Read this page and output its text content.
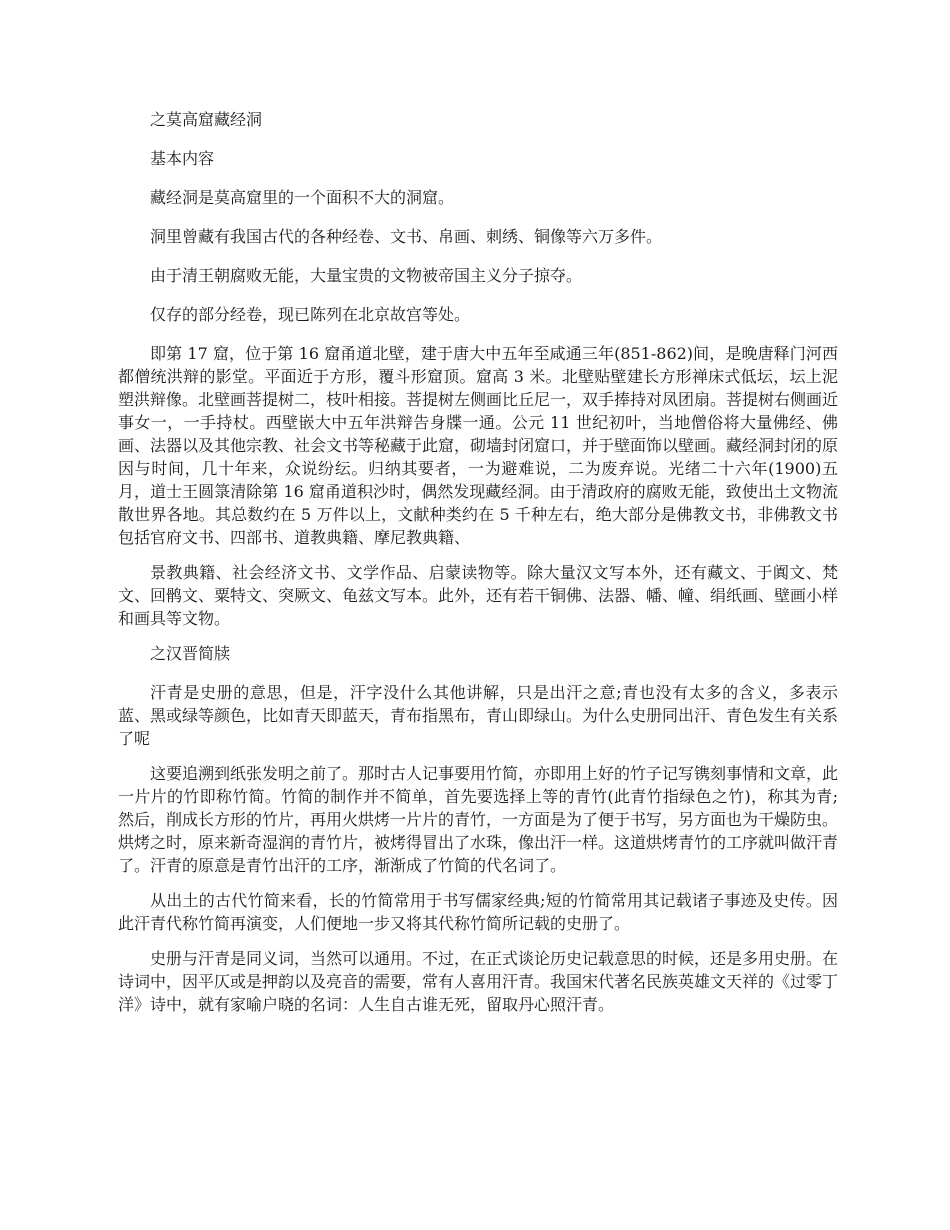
之莫高窟藏经洞

基本内容

藏经洞是莫高窟里的一个面积不大的洞窟。

洞里曾藏有我国古代的各种经卷、文书、帛画、刺绣、铜像等六万多件。

由于清王朝腐败无能，大量宝贵的文物被帝国主义分子掠夺。

仅存的部分经卷，现已陈列在北京故宫等处。

即第 17 窟，位于第 16 窟甬道北壁，建于唐大中五年至咸通三年(851-862)间，是晚唐释门河西都僧统洪辩的影堂。平面近于方形，覆斗形窟顶。窟高 3 米。北壁贴壁建长方形禅床式低坛，坛上泥塑洪辩像。北壁画菩提树二，枝叶相接。菩提树左侧画比丘尼一，双手捧持对凤团扇。菩提树右侧画近事女一，一手持杖。西壁嵌大中五年洪辩告身牒一通。公元 11 世纪初叶，当地僧俗将大量佛经、佛画、法器以及其他宗教、社会文书等秘藏于此窟，砌墙封闭窟口，并于壁面饰以壁画。藏经洞封闭的原因与时间，几十年来，众说纷纭。归纳其要者，一为避难说，二为废弃说。光绪二十六年(1900)五月，道士王圆箓清除第 16 窟甬道积沙时，偶然发现藏经洞。由于清政府的腐败无能，致使出土文物流散世界各地。其总数约在 5 万件以上，文献种类约在 5 千种左右，绝大部分是佛教文书，非佛教文书包括官府文书、四部书、道教典籍、摩尼教典籍、

景教典籍、社会经济文书、文学作品、启蒙读物等。除大量汉文写本外，还有藏文、于阗文、梵文、回鹘文、粟特文、突厥文、龟兹文写本。此外，还有若干铜佛、法器、幡、幢、绢纸画、壁画小样和画具等文物。

之汉晋简牍

汗青是史册的意思，但是，汗字没什么其他讲解，只是出汗之意;青也没有太多的含义，多表示蓝、黑或绿等颜色，比如青天即蓝天，青布指黑布，青山即绿山。为什么史册同出汗、青色发生有关系了呢

这要追溯到纸张发明之前了。那时古人记事要用竹简，亦即用上好的竹子记写镌刻事情和文章，此一片片的竹即称竹简。竹简的制作并不简单，首先要选择上等的青竹(此青竹指绿色之竹)，称其为青;然后，削成长方形的竹片，再用火烘烤一片片的青竹，一方面是为了便于书写，另方面也为干燥防虫。烘烤之时，原来新奇湿润的青竹片，被烤得冒出了水珠，像出汗一样。这道烘烤青竹的工序就叫做汗青了。汗青的原意是青竹出汗的工序，渐渐成了竹简的代名词了。

从出土的古代竹简来看，长的竹简常用于书写儒家经典;短的竹简常用其记载诸子事迹及史传。因此汗青代称竹简再演变，人们便地一步又将其代称竹简所记载的史册了。

史册与汗青是同义词，当然可以通用。不过，在正式谈论历史记载意思的时候，还是多用史册。在诗词中，因平仄或是押韵以及亮音的需要，常有人喜用汗青。我国宋代著名民族英雄文天祥的《过零丁洋》诗中，就有家喻户晓的名词：人生自古谁无死，留取丹心照汗青。
